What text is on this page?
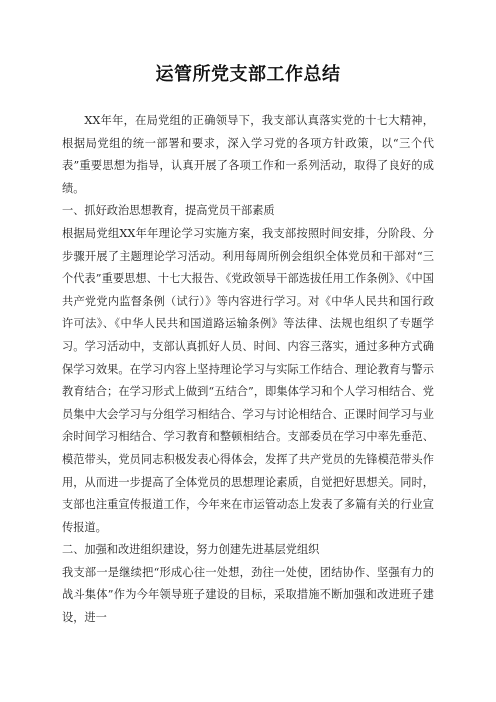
运管所党支部工作总结

XX年年，在局党组的正确领导下，我支部认真落实党的十七大精神，根据局党组的统一部署和要求，深入学习党的各项方针政策，以“三个代表”重要思想为指导，认真开展了各项工作和一系列活动，取得了良好的成绩。

一、抓好政治思想教育，提高党员干部素质

根据局党组XX年年理论学习实施方案，我支部按照时间安排，分阶段、分步骤开展了主题理论学习活动。利用每周所例会组织全体党员和干部对“三个代表”重要思想、十七大报告、《党政领导干部选拔任用工作条例》、《中国共产党党内监督条例（试行）》等内容进行学习。对《中华人民共和国行政许可法》、《中华人民共和国道路运输条例》等法律、法规也组织了专题学习。学习活动中，支部认真抓好人员、时间、内容三落实，通过多种方式确保学习效果。在学习内容上坚持理论学习与实际工作结合、理论教育与警示教育结合；在学习形式上做到“五结合”，即集体学习和个人学习相结合、党员集中大会学习与分组学习相结合、学习与讨论相结合、正课时间学习与业余时间学习相结合、学习教育和整顿相结合。支部委员在学习中率先垂范、模范带头，党员同志积极发表心得体会，发挥了共产党员的先锋模范带头作用，从而进一步提高了全体党员的思想理论素质，自觉把好思想关。同时，支部也注重宣传报道工作，今年来在市运管动态上发表了多篇有关的行业宣传报道。

二、加强和改进组织建设，努力创建先进基层党组织

我支部一是继续把“形成心往一处想，劲往一处使，团结协作、坚强有力的战斗集体”作为今年领导班子建设的目标，采取措施不断加强和改进班子建设，进一
